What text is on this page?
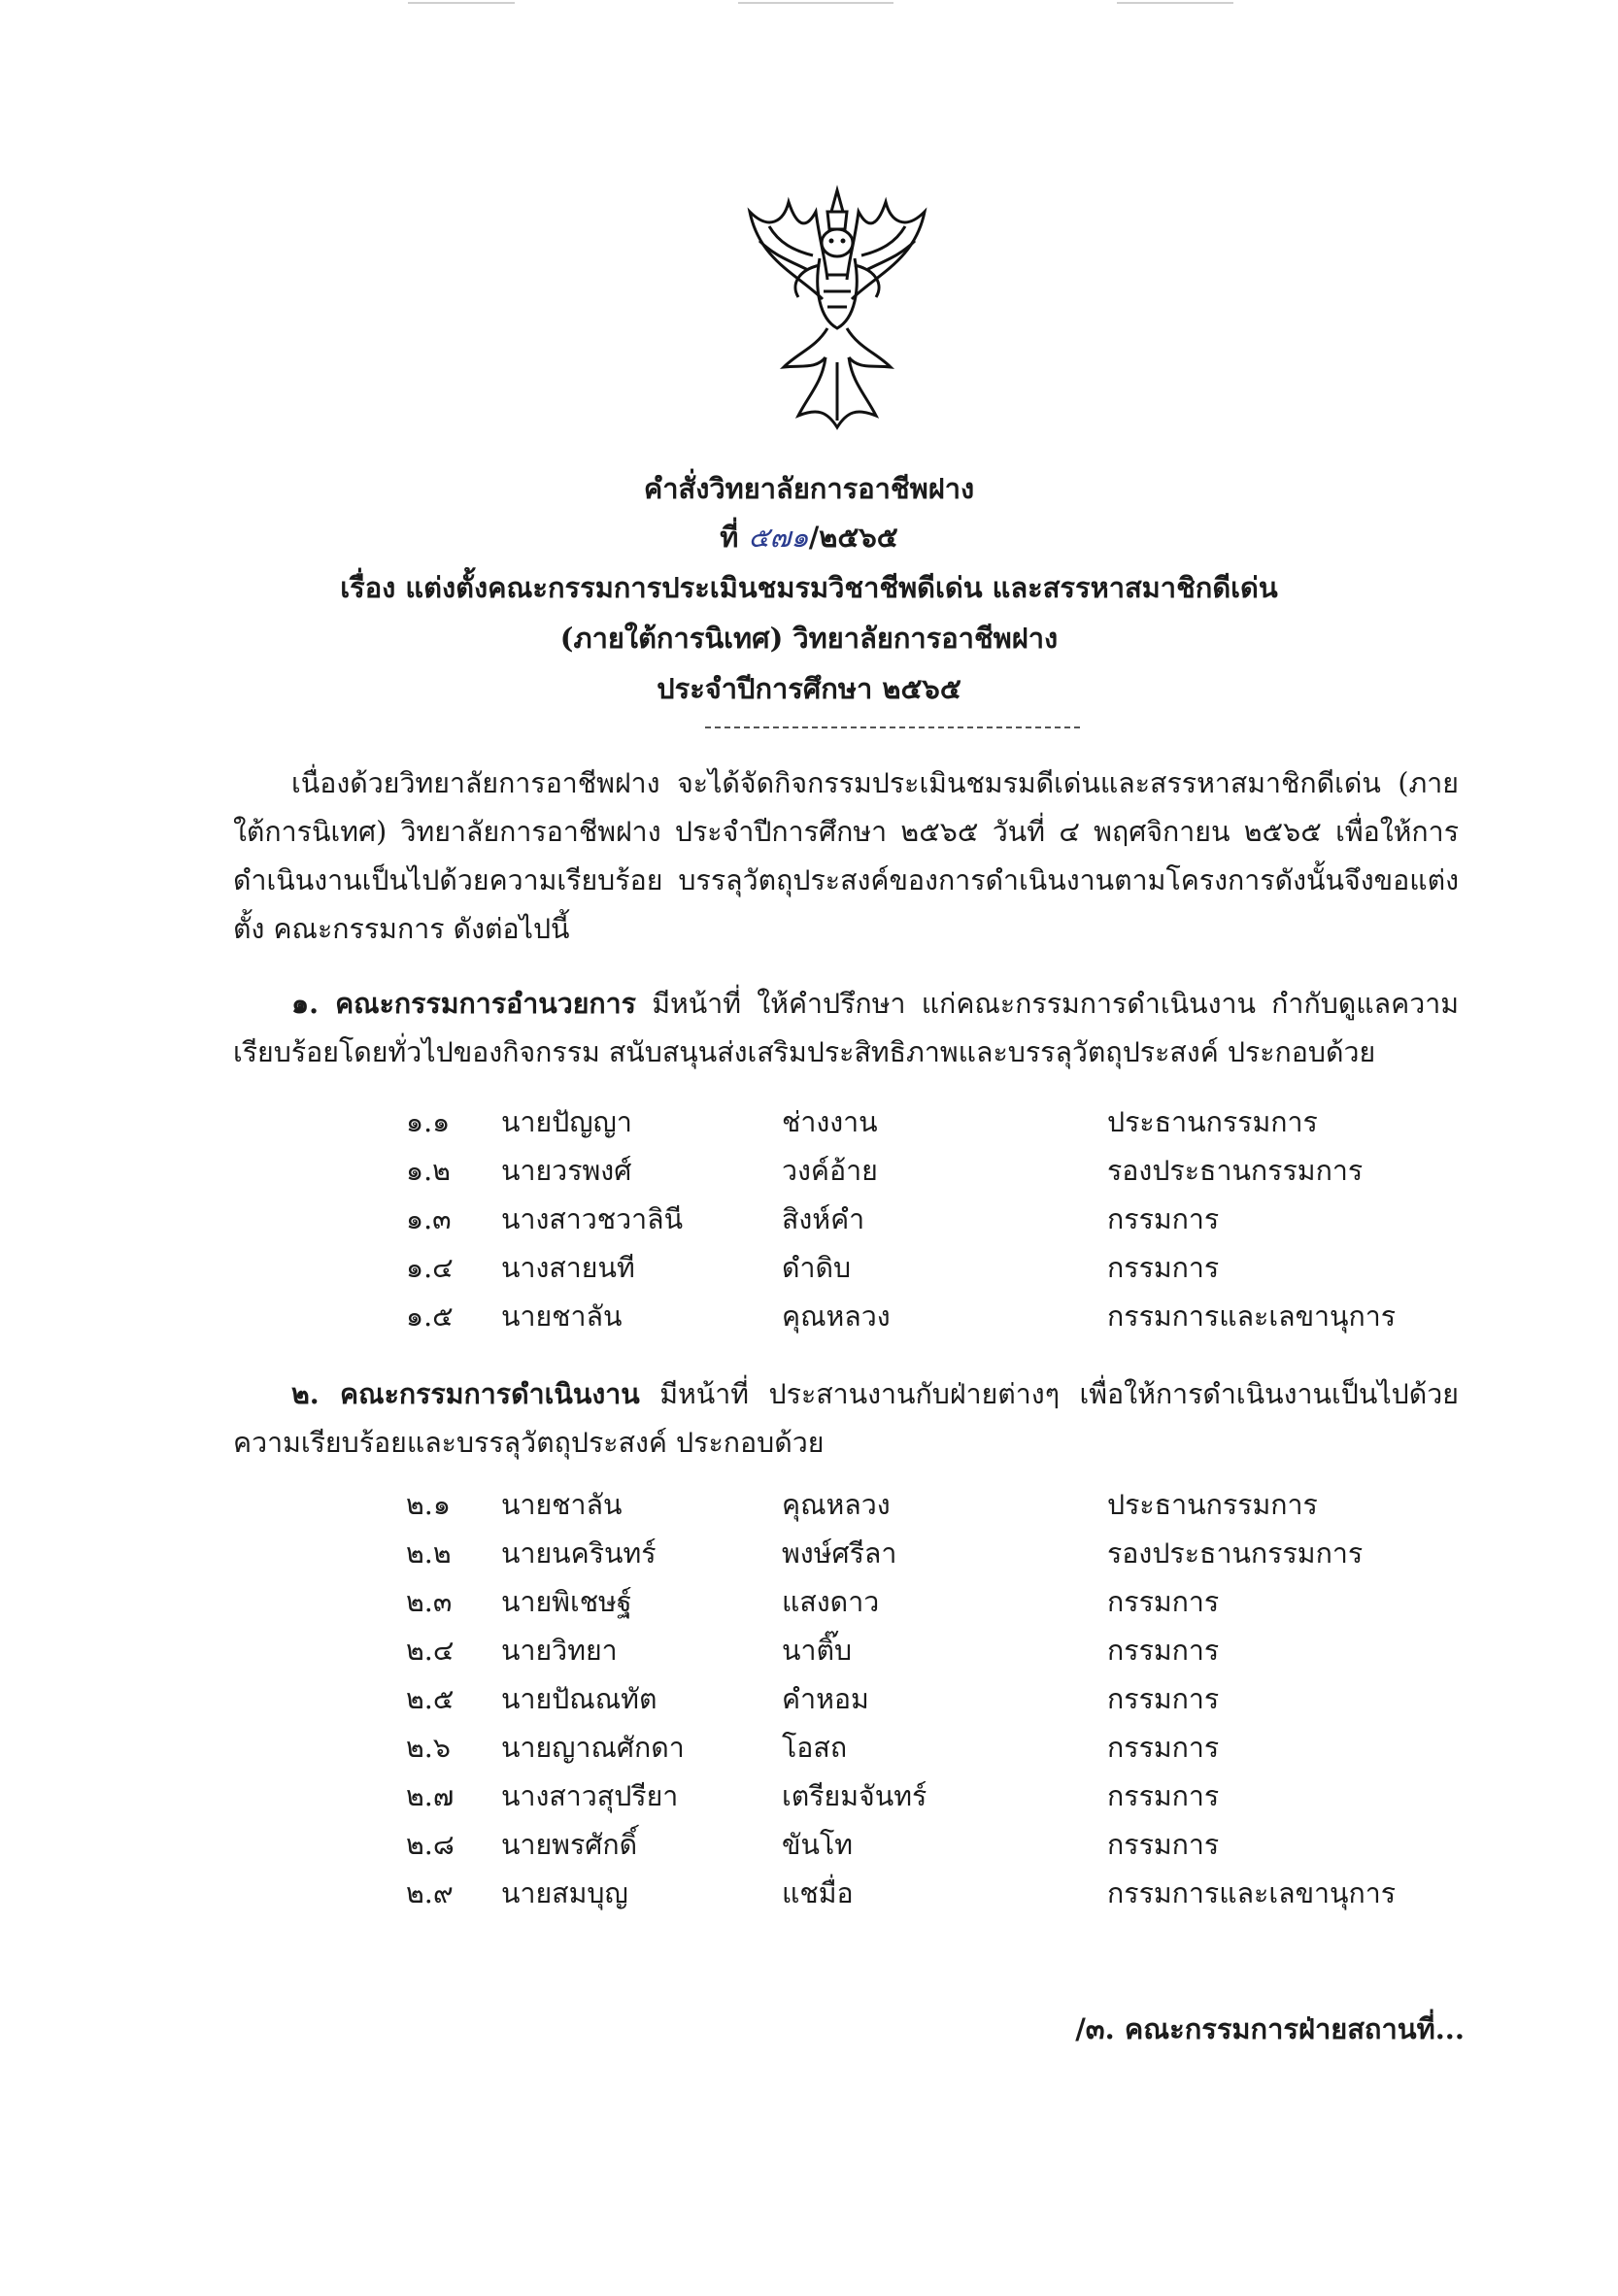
คำสั่งวิทยาลัยการอาชีพฝาง
ที่ ๕๗๑/๒๕๖๕
เรื่อง แต่งตั้งคณะกรรมการประเมินชมรมวิชาชีพดีเด่น และสรรหาสมาชิกดีเด่น
(ภายใต้การนิเทศ) วิทยาลัยการอาชีพฝาง
ประจำปีการศึกษา ๒๕๖๕
เนื่องด้วยวิทยาลัยการอาชีพฝาง จะได้จัดกิจกรรมประเมินชมรมดีเด่นและสรรหาสมาชิกดีเด่น (ภายใต้การนิเทศ) วิทยาลัยการอาชีพฝาง ประจำปีการศึกษา ๒๕๖๕ วันที่ ๔ พฤศจิกายน ๒๕๖๕ เพื่อให้การดำเนินงานเป็นไปด้วยความเรียบร้อย บรรลุวัตถุประสงค์ของการดำเนินงานตามโครงการดังนั้นจึงขอแต่งตั้ง คณะกรรมการ ดังต่อไปนี้
๑. คณะกรรมการอำนวยการ มีหน้าที่ ให้คำปรึกษา แก่คณะกรรมการดำเนินงาน กำกับดูแลความเรียบร้อยโดยทั่วไปของกิจกรรม สนับสนุนส่งเสริมประสิทธิภาพและบรรลุวัตถุประสงค์ ประกอบด้วย
๑.๑ นายปัญญา	ช่างงาน	ประธานกรรมการ
๑.๒ นายวรพงศ์	วงค์อ้าย	รองประธานกรรมการ
๑.๓ นางสาวชวาลินี	สิงห์คำ	กรรมการ
๑.๔ นางสายนที	ดำดิบ	กรรมการ
๑.๕ นายชาลัน	คุณหลวง	กรรมการและเลขานุการ
๒. คณะกรรมการดำเนินงาน มีหน้าที่ ประสานงานกับฝ่ายต่างๆ เพื่อให้การดำเนินงานเป็นไปด้วยความเรียบร้อยและบรรลุวัตถุประสงค์ ประกอบด้วย
๒.๑ นายชาลัน	คุณหลวง	ประธานกรรมการ
๒.๒ นายนครินทร์	พงษ์ศรีลา	รองประธานกรรมการ
๒.๓ นายพิเชษฐ์	แสงดาว	กรรมการ
๒.๔ นายวิทยา	นาติ๊บ	กรรมการ
๒.๕ นายปัณณทัต	คำหอม	กรรมการ
๒.๖ นายญาณศักดา	โอสถ	กรรมการ
๒.๗ นางสาวสุปรียา	เตรียมจันทร์	กรรมการ
๒.๘ นายพรศักดิ์	ขันโท	กรรมการ
๒.๙ นายสมบุญ	แชมื่อ	กรรมการและเลขานุการ
/๓. คณะกรรมการฝ่ายสถานที่...
